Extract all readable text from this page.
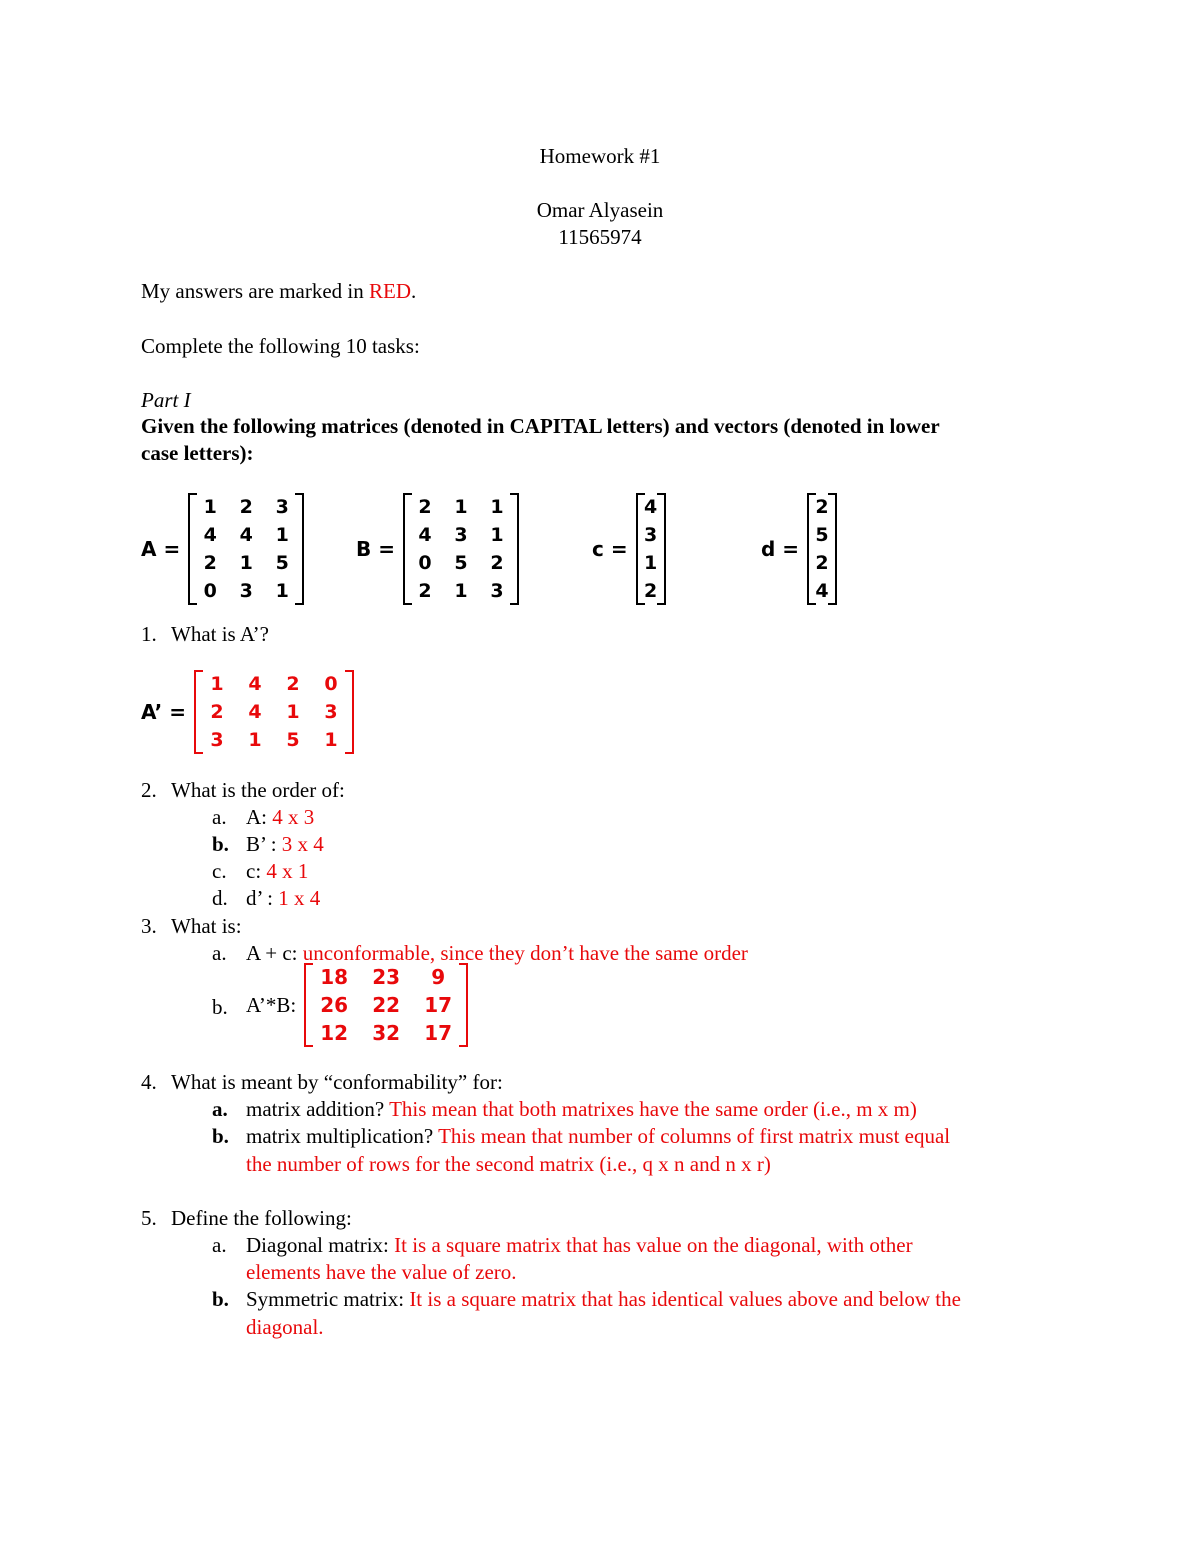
Homework #1
Omar Alyasein
11565974
My answers are marked in RED.
Complete the following 10 tasks:
Part I
Given the following matrices (denoted in CAPITAL letters) and vectors (denoted in lower
case letters):
A =
1	2	3
4	4	1
2	1	5
0	3	1
B =
2	1	1
4	3	1
0	5	2
2	1	3
c =
4
3
1
2
d =
2
5
2
4
1. What is A’?
A’ =
1	4	2	0
2	4	1	3
3	1	5	1
2. What is the order of:
a. A: 4 x 3
b. B’ : 3 x 4
c. c: 4 x 1
d. d’ : 1 x 4
3. What is:
a. A + c: unconformable, since they don’t have the same order
b. A’*B:
18	23	9
26	22	17
12	32	17
4. What is meant by “conformability” for:
a. matrix addition? This mean that both matrixes have the same order (i.e., m x m)
b. matrix multiplication? This mean that number of columns of first matrix must equal
the number of rows for the second matrix (i.e., q x n and n x r)
5. Define the following:
a. Diagonal matrix: It is a square matrix that has value on the diagonal, with other
elements have the value of zero.
b. Symmetric matrix: It is a square matrix that has identical values above and below the
diagonal.
